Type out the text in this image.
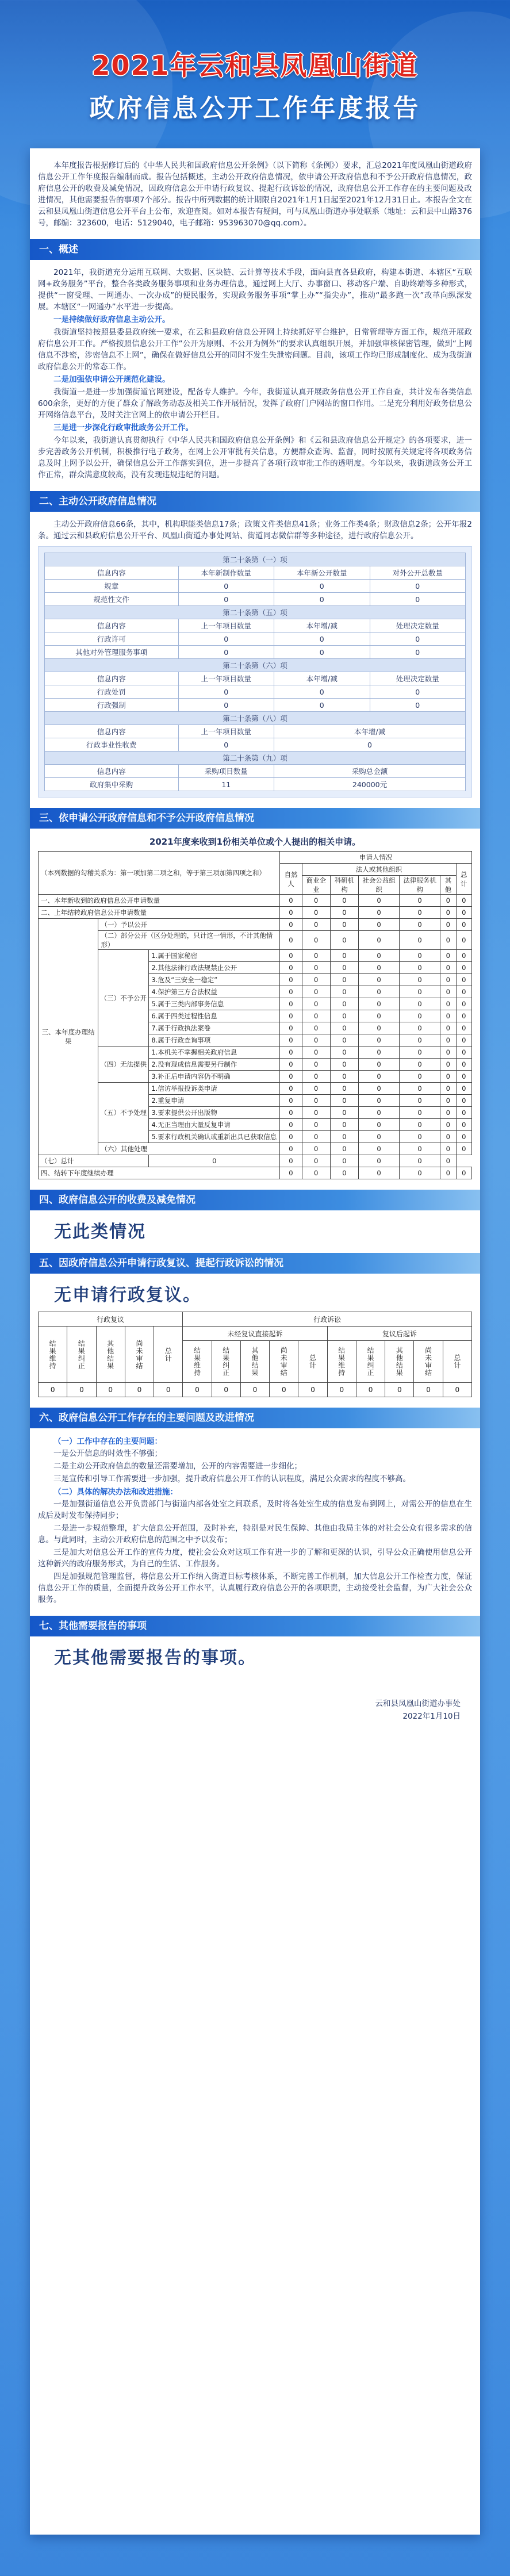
2021年云和县凤凰山街道
政府信息公开工作年度报告

本年度报告根据修订后的《中华人民共和国政府信息公开条例》（以下简称《条例》）要求，汇总2021年度凤凰山街道政府信息公开工作年度报告编制而成。报告包括概述，主动公开政府信息情况，依申请公开政府信息和不予公开政府信息情况，政府信息公开的收费及减免情况，因政府信息公开申请行政复议、提起行政诉讼的情况，政府信息公开工作存在的主要问题及改进情况，其他需要报告的事项7个部分。报告中所列数据的统计期限自2021年1月1日起至2021年12月31日止。本报告全文在云和县凤凰山街道信息公开平台上公布，欢迎查阅。如对本报告有疑问，可与凤凰山街道办事处联系（地址：云和县中山路376号，邮编：323600，电话：5129040，电子邮箱：953963070@qq.com）。

一、概述

2021年，我街道充分运用互联网、大数据、区块链、云计算等技术手段，面向县直各县政府，构建本街道、本辖区“互联网+政务服务”平台，整合各类政务服务事项和业务办理信息，通过网上大厅、办事窗口、移动客户端、自助终端等多种形式，提供“一窗受理、一网通办、一次办成”的便民服务，实现政务服务事项“掌上办”“指尖办”，推动“最多跑一次”改革向纵深发展。本辖区“一网通办”水平进一步提高。

一是持续做好政府信息主动公开。

我街道坚持按照县委县政府统一要求，在云和县政府信息公开网上持续抓好平台维护，日常管理等方面工作，规范开展政府信息公开工作。严格按照信息公开工作“公开为原则、不公开为例外”的要求认真组织开展，并加强审核保密管理，做到“上网信息不涉密，涉密信息不上网”，确保在做好信息公开的同时不发生失泄密问题。目前，该项工作均已形成制度化、成为我街道政府信息公开的常态工作。

二是加强依申请公开规范化建设。

我街道一是进一步加强街道官网建设，配备专人维护。今年，我街道认真开展政务信息公开工作自查，共计发布各类信息600余条，更好的方便了群众了解政务动态及相关工作开展情况，发挥了政府门户网站的窗口作用。二是充分利用好政务信息公开网络信息平台，及时关注官网上的依申请公开栏目。

三是进一步深化行政审批政务公开工作。

今年以来，我街道认真贯彻执行《中华人民共和国政府信息公开条例》和《云和县政府信息公开规定》的各项要求，进一步完善政务公开机制，积极推行电子政务，在网上公开审批有关信息，方便群众查询、监督，同时按照有关规定将各项政务信息及时上网予以公开，确保信息公开工作落实到位，进一步提高了各项行政审批工作的透明度。今年以来，我街道政务公开工作正常，群众满意度较高，没有发现违规违纪的问题。

二、主动公开政府信息情况

主动公开政府信息66条，其中，机构职能类信息17条；政策文件类信息41条；业务工作类4条；财政信息2条；公开年报2条。通过云和县政府信息公开平台、凤凰山街道办事处网站、街道同志微信群等多种途径，进行政府信息公开。

第二十条第（一）项			
信息内容	本年新制作数量	本年新公开数量	对外公开总数量
规章	0	0	0
规范性文件	0	0	0
第二十条第（五）项			
信息内容	上一年项目数量	本年增/减	处理决定数量
行政许可	0	0	0
其他对外管理服务事项	0	0	0
第二十条第（六）项			
信息内容	上一年项目数量	本年增/减	处理决定数量
行政处罚	0	0	0
行政强制	0	0	0
第二十条第（八）项			
信息内容	上一年项目数量	本年增/减	
行政事业性收费	0	0	
第二十条第（九）项			
信息内容	采购项目数量	采购总金额	
政府集中采购	11	240000元	
三、依申请公开政府信息和不予公开政府信息情况
2021年度来收到1份相关单位或个人提出的相关申请。
（本列数据的勾稽关系为：第一项加第二项之和，等于第三项加第四项之和）			申请人情况						
			自然人	法人或其他组织					总计
				商业企业	科研机构	社会公益组织	法律服务机构	其他	
一、本年新收到的政府信息公开申请数量			0	0	0	0	0	0	0
二、上年结转政府信息公开申请数量			0	0	0	0	0	0	0
三、本年度办理结果	（一）予以公开		0	0	0	0	0	0	0
	（二）部分公开（区分处理的，只计这一情形，不计其他情形）		0	0	0	0	0	0	0
	（三）不予公开	1.属于国家秘密	0	0	0	0	0	0	0
		2.其他法律行政法规禁止公开	0	0	0	0	0	0	0
		3.危及“三安全一稳定”	0	0	0	0	0	0	0
		4.保护第三方合法权益	0	0	0	0	0	0	0
		5.属于三类内部事务信息	0	0	0	0	0	0	0
		6.属于四类过程性信息	0	0	0	0	0	0	0
		7.属于行政执法案卷	0	0	0	0	0	0	0
		8.属于行政查询事项	0	0	0	0	0	0	0
	（四）无法提供	1.本机关不掌握相关政府信息	0	0	0	0	0	0	0
		2.没有现成信息需要另行制作	0	0	0	0	0	0	0
		3.补正后申请内容仍不明确	0	0	0	0	0	0	0
	（五）不予处理	1.信访举报投诉类申请	0	0	0	0	0	0	0
		2.重复申请	0	0	0	0	0	0	0
		3.要求提供公开出版物	0	0	0	0	0	0	0
		4.无正当理由大量反复申请	0	0	0	0	0	0	0
		5.要求行政机关确认或重新出具已获取信息	0	0	0	0	0	0	0
	（六）其他处理		0	0	0	0	0	0	0
（七）总计		0	0	0	0	0	0	0	
四、结转下年度继续办理			0	0	0	0	0	0	0
四、政府信息公开的收费及减免情况
无此类情况
五、因政府信息公开申请行政复议、提起行政诉讼的情况
无申请行政复议。
行政复议					行政诉讼									
结果维持	结果纠正	其他结果	尚未审结	总计	未经复议直接起诉					复议后起诉				
					结果维持	结果纠正	其他结果	尚未审结	总计	结果维持	结果纠正	其他结果	尚未审结	总计
0	0	0	0	0	0	0	0	0	0	0	0	0	0	0
六、政府信息公开工作存在的主要问题及改进情况

（一）工作中存在的主要问题：

一是公开信息的时效性不够强；

二是主动公开政府信息的数量还需要增加，公开的内容需要进一步细化；

三是宣传和引导工作需要进一步加强，提升政府信息公开工作的认识程度，满足公众需求的程度不够高。

（二）具体的解决办法和改进措施：

一是加强街道信息公开负责部门与街道内部各处室之间联系，及时将各处室生成的信息发布到网上，对需公开的信息在生成后及时发布保持同步；

二是进一步规范整理，扩大信息公开范围，及时补充，特别是对民生保障、其他由我局主体的对社会公众有很多需求的信息。与此同时，主动公开政府信息的范围之中予以发布；

三是加大对信息公开工作的宣传力度，使社会公众对这项工作有进一步的了解和更深的认识，引导公众正确使用信息公开这种新兴的政府服务形式，为自己的生活、工作服务。

四是加强规范管理监督，将信息公开工作纳入街道目标考核体系，不断完善工作机制，加大信息公开工作检查力度，保证信息公开工作的质量，全面提升政务公开工作水平，认真履行政府信息公开的各项职责，主动接受社会监督，为广大社会公众服务。

七、其他需要报告的事项
无其他需要报告的事项。
云和县凤凰山街道办事处
2022年1月10日
